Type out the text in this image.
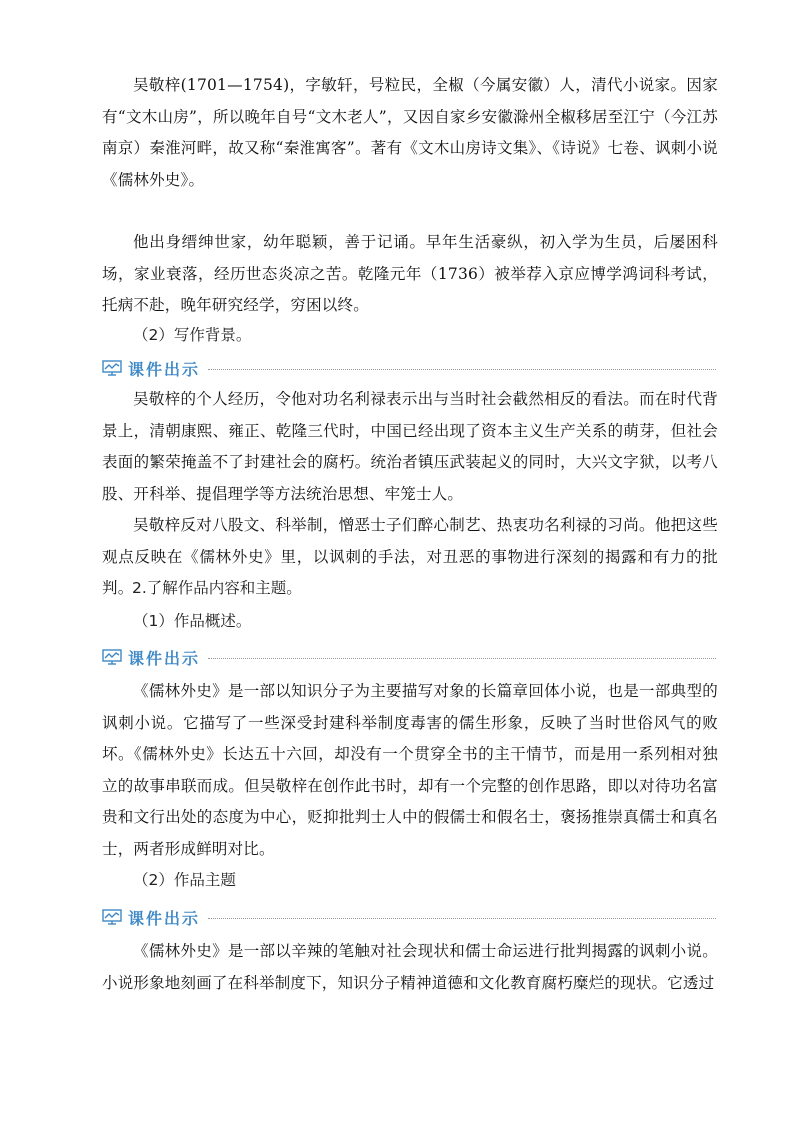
吴敬梓(1701—1754)，字敏轩，号粒民，全椒（今属安徽）人，清代小说家。因家有“文木山房”，所以晚年自号“文木老人”，又因自家乡安徽滁州全椒移居至江宁（今江苏南京）秦淮河畔，故又称“秦淮寓客”。著有《文木山房诗文集》、《诗说》七卷、讽刺小说《儒林外史》。

他出身缙绅世家，幼年聪颖，善于记诵。早年生活豪纵，初入学为生员，后屡困科场，家业衰落，经历世态炎凉之苦。乾隆元年（1736）被举荐入京应博学鸿词科考试，托病不赴，晚年研究经学，穷困以终。

（2）写作背景。

课件出示

吴敬梓的个人经历，令他对功名利禄表示出与当时社会截然相反的看法。而在时代背景上，清朝康熙、雍正、乾隆三代时，中国已经出现了资本主义生产关系的萌芽，但社会表面的繁荣掩盖不了封建社会的腐朽。统治者镇压武装起义的同时，大兴文字狱，以考八股、开科举、提倡理学等方法统治思想、牢笼士人。

吴敬梓反对八股文、科举制，憎恶士子们醉心制艺、热衷功名利禄的习尚。他把这些观点反映在《儒林外史》里，以讽刺的手法，对丑恶的事物进行深刻的揭露和有力的批判。

2.了解作品内容和主题。

（1）作品概述。

课件出示

《儒林外史》是一部以知识分子为主要描写对象的长篇章回体小说，也是一部典型的讽刺小说。它描写了一些深受封建科举制度毒害的儒生形象，反映了当时世俗风气的败坏。《儒林外史》长达五十六回，却没有一个贯穿全书的主干情节，而是用一系列相对独立的故事串联而成。但吴敬梓在创作此书时，却有一个完整的创作思路，即以对待功名富贵和文行出处的态度为中心，贬抑批判士人中的假儒士和假名士，褒扬推崇真儒士和真名士，两者形成鲜明对比。

（2）作品主题

课件出示

《儒林外史》是一部以辛辣的笔触对社会现状和儒士命运进行批判揭露的讽刺小说。小说形象地刻画了在科举制度下，知识分子精神道德和文化教育腐朽糜烂的现状。它透过
